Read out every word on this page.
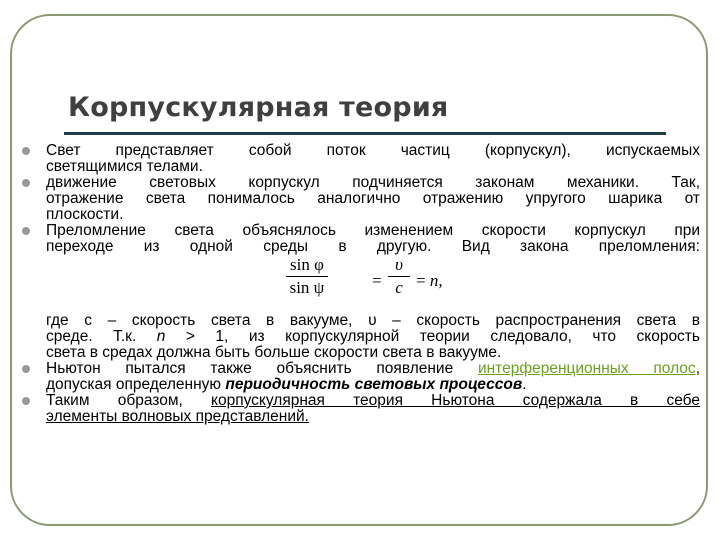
Корпускулярная теория
Свет представляет собой поток частиц (корпускул), испускаемых
светящимися телами.
движение световых корпускул подчиняется законам механики. Так,
отражение света понималось аналогично отражению упругого шарика от
плоскости.
Преломление света объяснялось изменением скорости корпускул при
переходе из одной среды в другую. Вид закона преломления:
sin φ
sin ψ	=
υ
c = n,
где с – скорость света в вакууме, υ – скорость распространения света в
среде. Т.к. n > 1, из корпускулярной теории следовало, что скорость
света в средах должна быть больше скорости света в вакууме.
Ньютон пытался также объяснить появление интерференционных полос,
допуская определенную периодичность световых процессов.
Таким образом, корпускулярная теория Ньютона содержала в себе
элементы волновых представлений.
